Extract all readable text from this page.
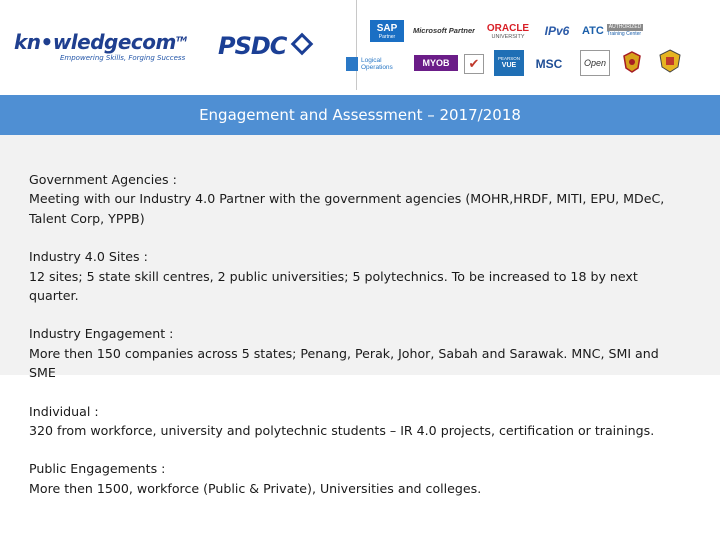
kn•wledgecom™
Empowering Skills, Forging Success PSDC
SAP
Partner
Microsoft Partner ORACLE
UNIVERSITY IPv6 ATC	AUTHORIZED
Training Center
Logical Operations	MYOB	✔	PEARSON
VUE MSC Open
Engagement and Assessment – 2017/2018

Government Agencies :

Meeting with our Industry 4.0 Partner with the government agencies (MOHR,HRDF, MITI, EPU, MDeC, Talent Corp, YPPB)

Industry 4.0 Sites :

12 sites; 5 state skill centres, 2 public universities; 5 polytechnics. To be increased to 18 by next quarter.

Industry Engagement :

More then 150 companies across 5 states; Penang, Perak, Johor, Sabah and Sarawak. MNC, SMI and SME

Individual :

320 from workforce, university and polytechnic students – IR 4.0 projects, certification or trainings.

Public Engagements :

More then 1500, workforce (Public & Private), Universities and colleges.
